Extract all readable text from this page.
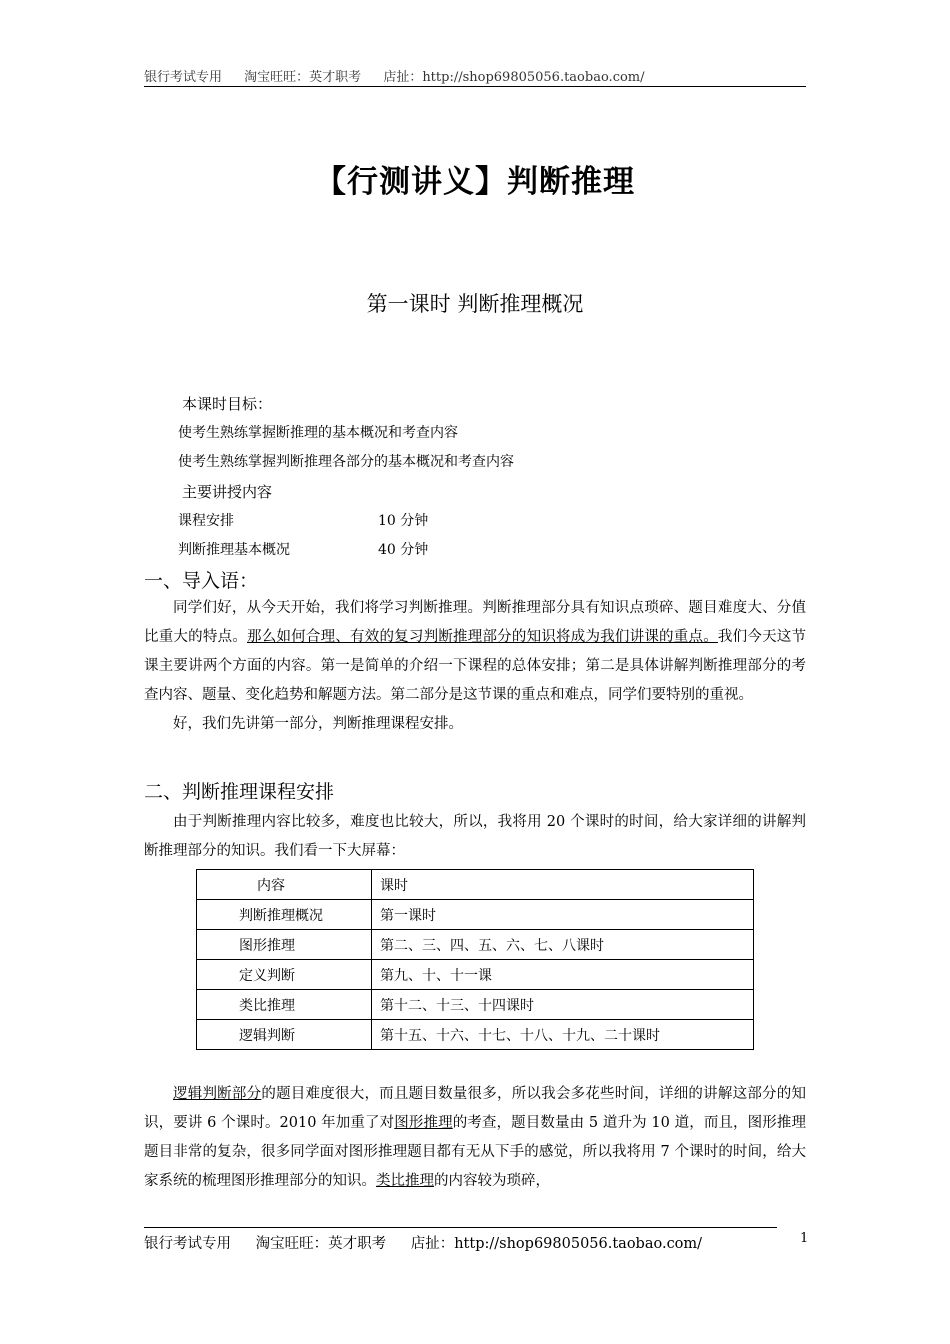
银行考试专用 淘宝旺旺：英才职考 店扯：http://shop69805056.taobao.com/
【行测讲义】判断推理
第一课时 判断推理概况
本课时目标：
使考生熟练掌握断推理的基本概况和考查内容
使考生熟练掌握判断推理各部分的基本概况和考查内容
主要讲授内容
课程安排	10 分钟
判断推理基本概况	40 分钟
一、导入语：

同学们好，从今天开始，我们将学习判断推理。判断推理部分具有知识点琐碎、题目难度大、分值比重大的特点。那么如何合理、有效的复习判断推理部分的知识将成为我们讲课的重点。我们今天这节课主要讲两个方面的内容。第一是简单的介绍一下课程的总体安排；第二是具体讲解判断推理部分的考查内容、题量、变化趋势和解题方法。第二部分是这节课的重点和难点，同学们要特别的重视。

好，我们先讲第一部分，判断推理课程安排。

二、判断推理课程安排

由于判断推理内容比较多，难度也比较大，所以，我将用 20 个课时的时间，给大家详细的讲解判断推理部分的知识。我们看一下大屏幕：

内容	课时
判断推理概况	第一课时
图形推理	第二、三、四、五、六、七、八课时
定义判断	第九、十、十一课
类比推理	第十二、十三、十四课时
逻辑判断	第十五、十六、十七、十八、十九、二十课时

逻辑判断部分的题目难度很大，而且题目数量很多，所以我会多花些时间，详细的讲解这部分的知识，要讲 6 个课时。2010 年加重了对图形推理的考查，题目数量由 5 道升为 10 道，而且，图形推理题目非常的复杂，很多同学面对图形推理题目都有无从下手的感觉，所以我将用 7 个课时的时间，给大家系统的梳理图形推理部分的知识。类比推理的内容较为琐碎，

银行考试专用 淘宝旺旺：英才职考 店扯：http://shop69805056.taobao.com/	1
